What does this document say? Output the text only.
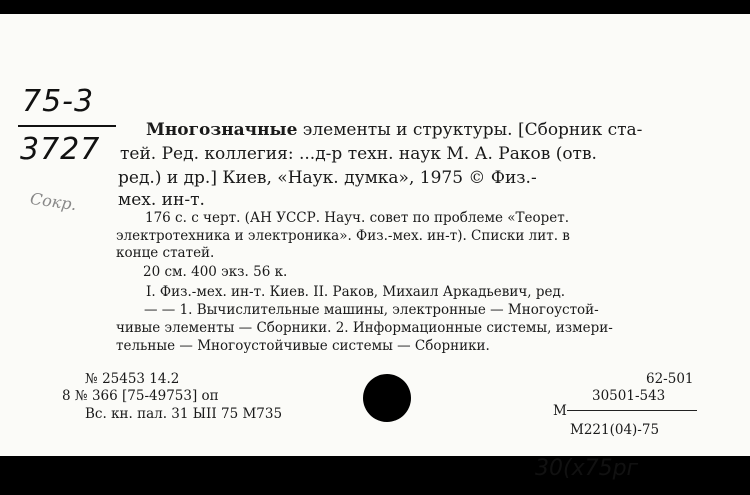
75-3
3727
Сокр.
Многозначные элементы и структуры. [Сборник ста-
тей. Ред. коллегия: ...д-р техн. наук М. А. Раков (отв.
ред.) и др.] Киев, «Наук. думка», 1975 © Физ.-
мех. ин-т.
176 с. с черт. (АН УССР. Науч. совет по проблеме «Теорет.
электротехника и электроника». Физ.-мех. ин-т). Списки лит. в
конце статей.
20 см. 400 экз. 56 к.
I. Физ.-мех. ин-т. Киев. II. Раков, Михаил Аркадьевич, ред.
— — 1. Вычислительные машины, электронные — Многоустой-
чивые элементы — Сборники. 2. Информационные системы, измери-
тельные — Многоустойчивые системы — Сборники.
№ 25453 14.2
8 № 366 [75-49753] оп
Вс. кн. пал. 31 ЫII 75 М735
62-501
30501-543
М
М221(04)-75
30(х75рг
